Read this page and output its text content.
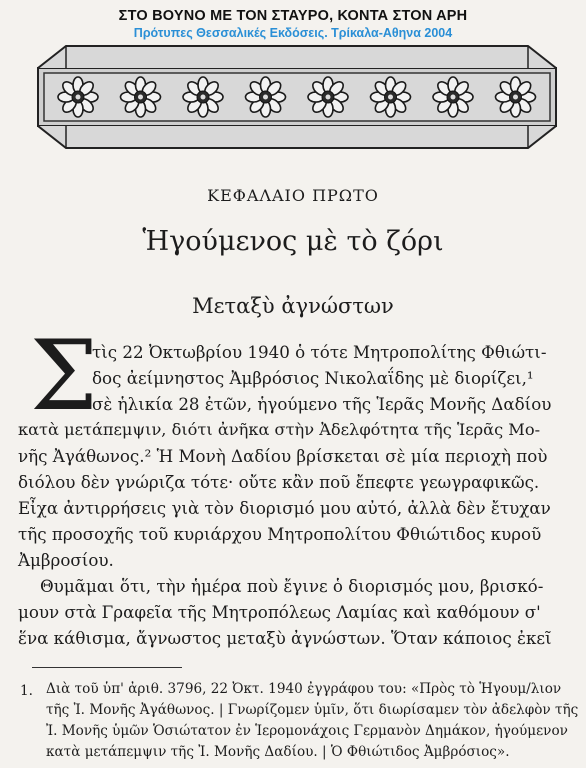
ΣΤΟ ΒΟΥΝΟ ΜΕ ΤΟΝ ΣΤΑΥΡΟ, ΚΟΝΤΑ ΣΤΟΝ ΑΡΗ
Πρότυπες Θεσσαλικές Εκδόσεις. Τρίκαλα-Αθηνα 2004
ΚΕΦΑΛΑΙΟ ΠΡΩΤΟ
Ἡγούμενος μὲ τὸ ζόρι
Μεταξὺ ἀγνώστων
Σ
τὶς 22 Ὀκτωβρίου 1940 ὁ τότε Μητροπολίτης Φθιώτι-
δος ἀείμνηστος Ἀμβρόσιος Νικολαΐδης μὲ διορίζει,¹
σὲ ἡλικία 28 ἐτῶν, ἡγούμενο τῆς Ἱερᾶς Μονῆς Δαδίου
κατὰ μετάπεμψιν, διότι ἀνῆκα στὴν Ἀδελφότητα τῆς Ἱερᾶς Μο-
νῆς Ἀγάθωνος.² Ἡ Μονὴ Δαδίου βρίσκεται σὲ μία περιοχὴ ποὺ
διόλου δὲν γνώριζα τότε· οὔτε κἂν ποῦ ἔπεφτε γεωγραφικῶς.
Εἶχα ἀντιρρήσεις γιὰ τὸν διορισμό μου αὐτό, ἀλλὰ δὲν ἔτυχαν
τῆς προσοχῆς τοῦ κυριάρχου Μητροπολίτου Φθιώτιδος κυροῦ
Ἀμβροσίου.
Θυμᾶμαι ὅτι, τὴν ἡμέρα ποὺ ἔγινε ὁ διορισμός μου, βρισκό-
μουν στὰ Γραφεῖα τῆς Μητροπόλεως Λαμίας καὶ καθόμουν σ'
ἕνα κάθισμα, ἄγνωστος μεταξὺ ἀγνώστων. Ὅταν κάποιος ἐκεῖ
1. Διὰ τοῦ ὑπ' ἀριθ. 3796, 22 Ὀκτ. 1940 ἐγγράφου του: «Πρὸς τὸ Ἡγουμ/λιον
τῆς Ἰ. Μονῆς Ἀγάθωνος. | Γνωρίζομεν ὑμῖν, ὅτι διωρίσαμεν τὸν ἀδελφὸν τῆς
Ἰ. Μονῆς ὑμῶν Ὁσιώτατον ἐν Ἱερομονάχοις Γερμανὸν Δημάκον, ἡγούμενον
κατὰ μετάπεμψιν τῆς Ἰ. Μονῆς Δαδίου. | Ὁ Φθιώτιδος Ἀμβρόσιος».
